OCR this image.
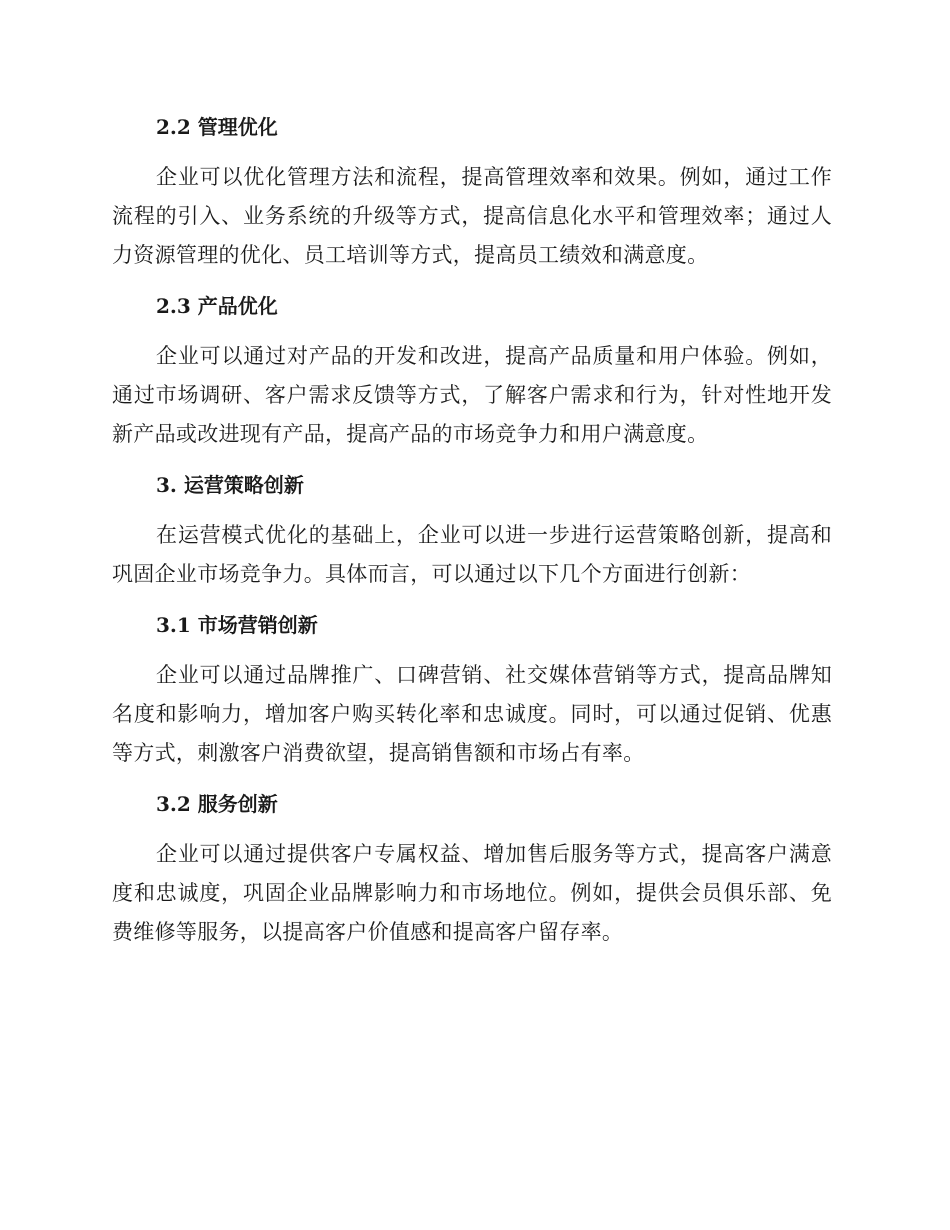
2.2 管理优化
企业可以优化管理方法和流程，提高管理效率和效果。例如，通过工作流程的引入、业务系统的升级等方式，提高信息化水平和管理效率；通过人力资源管理的优化、员工培训等方式，提高员工绩效和满意度。
2.3 产品优化
企业可以通过对产品的开发和改进，提高产品质量和用户体验。例如，通过市场调研、客户需求反馈等方式，了解客户需求和行为，针对性地开发新产品或改进现有产品，提高产品的市场竞争力和用户满意度。
3. 运营策略创新
在运营模式优化的基础上，企业可以进一步进行运营策略创新，提高和巩固企业市场竞争力。具体而言，可以通过以下几个方面进行创新：
3.1 市场营销创新
企业可以通过品牌推广、口碑营销、社交媒体营销等方式，提高品牌知名度和影响力，增加客户购买转化率和忠诚度。同时，可以通过促销、优惠等方式，刺激客户消费欲望，提高销售额和市场占有率。
3.2 服务创新
企业可以通过提供客户专属权益、增加售后服务等方式，提高客户满意度和忠诚度，巩固企业品牌影响力和市场地位。例如，提供会员俱乐部、免费维修等服务，以提高客户价值感和提高客户留存率。
